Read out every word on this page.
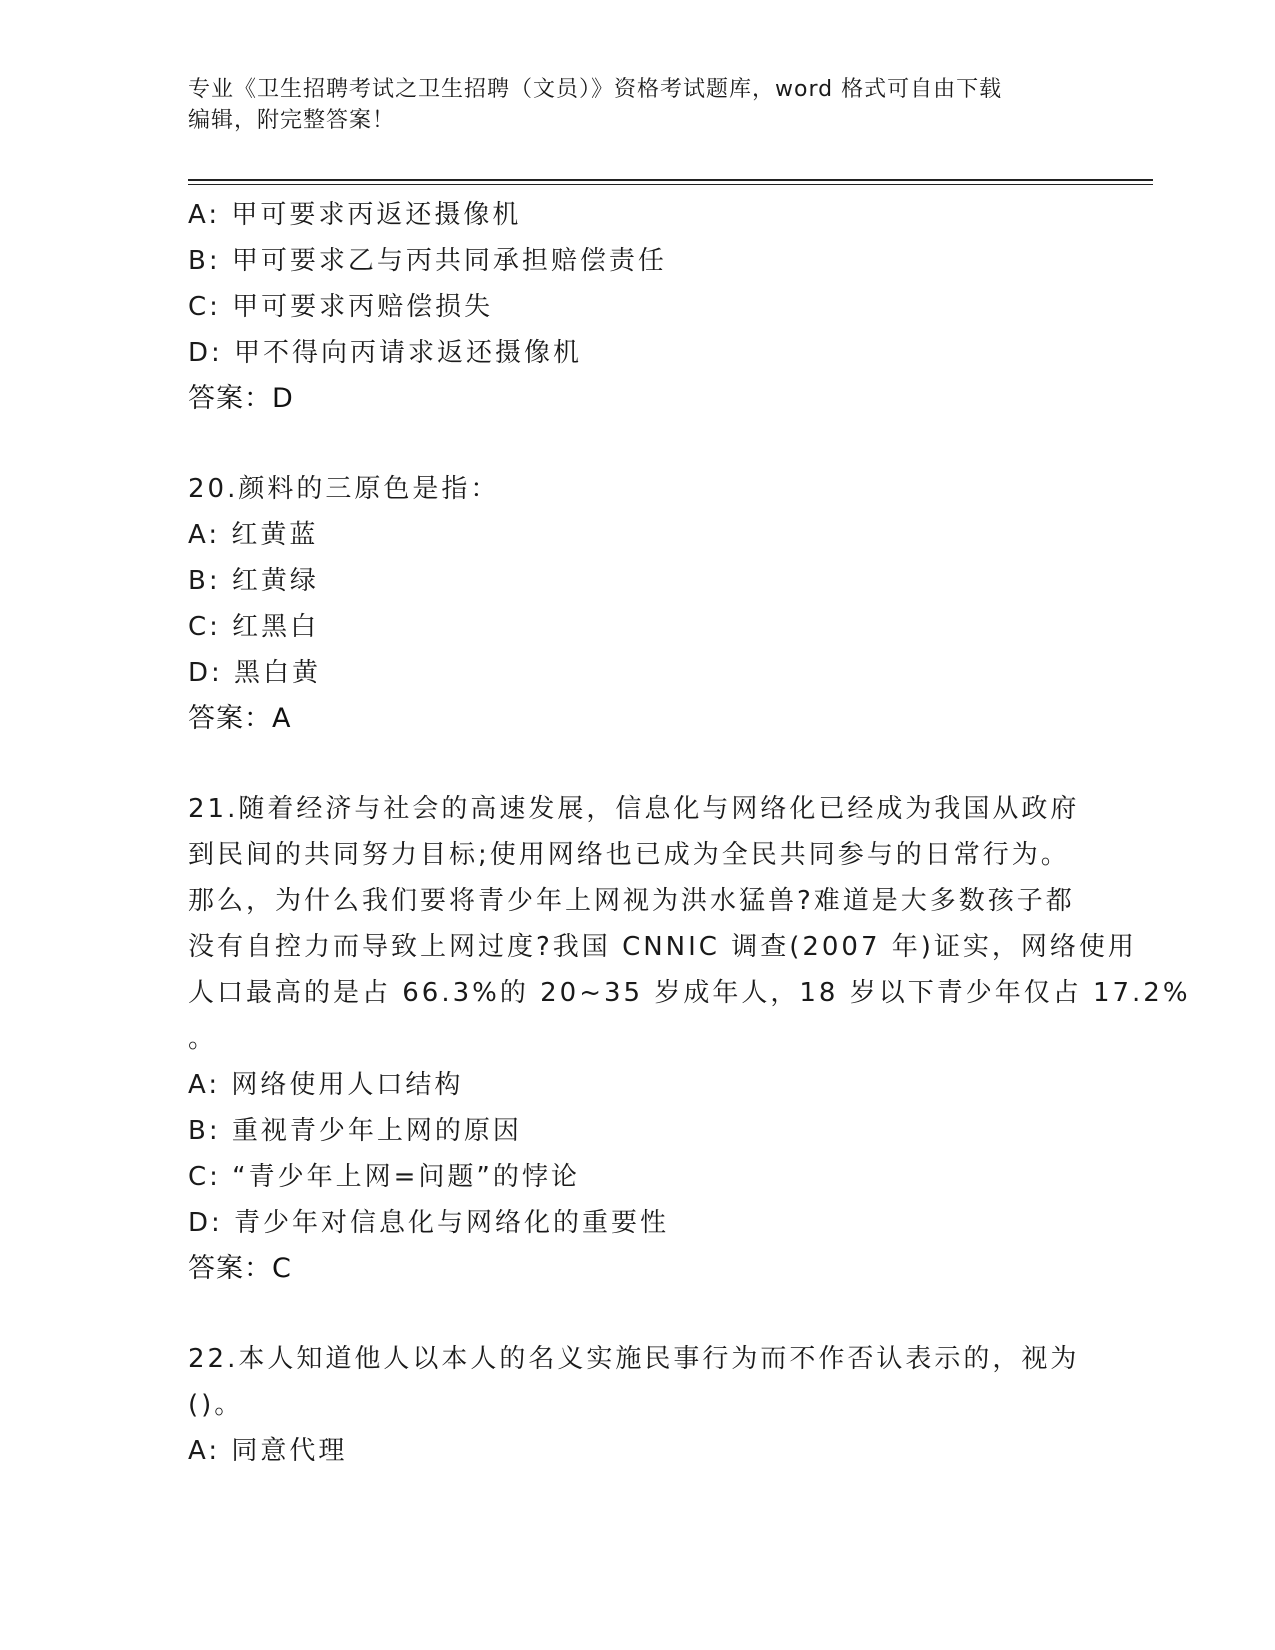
专业《卫生招聘考试之卫生招聘（文员）》资格考试题库，word 格式可自由下载
编辑，附完整答案！
A: 甲可要求丙返还摄像机
B: 甲可要求乙与丙共同承担赔偿责任
C: 甲可要求丙赔偿损失
D: 甲不得向丙请求返还摄像机
答案：D
20.颜料的三原色是指：
A: 红黄蓝
B: 红黄绿
C: 红黑白
D: 黑白黄
答案：A
21.随着经济与社会的高速发展，信息化与网络化已经成为我国从政府
到民间的共同努力目标;使用网络也已成为全民共同参与的日常行为。
那么，为什么我们要将青少年上网视为洪水猛兽?难道是大多数孩子都
没有自控力而导致上网过度?我国 CNNIC 调查(2007 年)证实，网络使用
人口最高的是占 66.3%的 20~35 岁成年人，18 岁以下青少年仅占 17.2%
。
A: 网络使用人口结构
B: 重视青少年上网的原因
C: “青少年上网=问题”的悖论
D: 青少年对信息化与网络化的重要性
答案：C
22.本人知道他人以本人的名义实施民事行为而不作否认表示的，视为
()。
A: 同意代理
